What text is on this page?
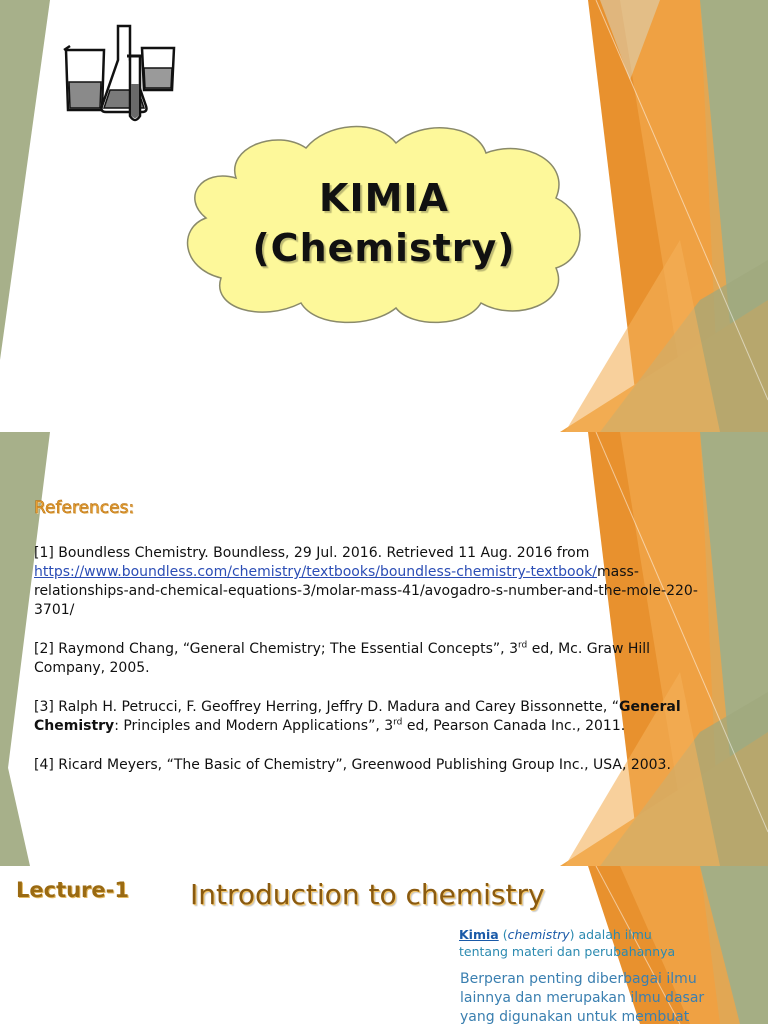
KIMIA
(Chemistry)
References:
[1] Boundless Chemistry. Boundless, 29 Jul. 2016. Retrieved 11 Aug. 2016 from https://www.boundless.com/chemistry/textbooks/boundless-chemistry-textbook/mass-relationships-and-chemical-equations-3/molar-mass-41/avogadro-s-number-and-the-mole-220-3701/
[2] Raymond Chang, “General Chemistry; The Essential Concepts”, 3rd ed, Mc. Graw Hill Company, 2005.
[3] Ralph H. Petrucci, F. Geoffrey Herring, Jeffry D. Madura and Carey Bissonnette, “General Chemistry: Principles and Modern Applications”, 3rd ed, Pearson Canada Inc., 2011.
[4] Ricard Meyers, “The Basic of Chemistry”, Greenwood Publishing Group Inc., USA, 2003.
Lecture-1 Introduction to chemistry
Kimia (chemistry) adalah ilmu tentang materi dan perubahannya
Berperan penting diberbagai ilmu lainnya dan merupakan ilmu dasar yang digunakan untuk membuat
